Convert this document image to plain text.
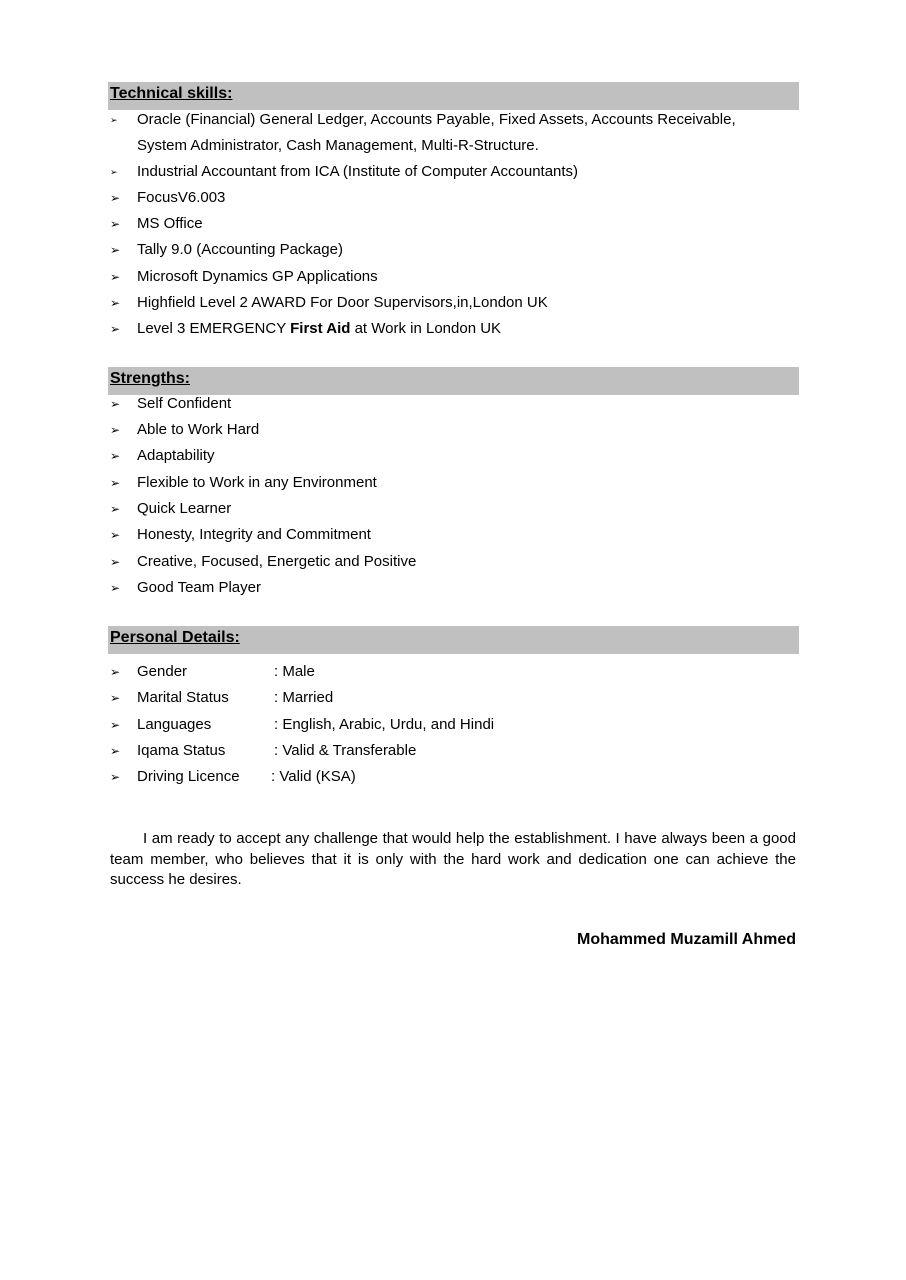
Technical skills:
➢	Oracle (Financial) General Ledger, Accounts Payable, Fixed Assets, Accounts Receivable,
System Administrator, Cash Management, Multi-R-Structure.
➢	Industrial Accountant from ICA (Institute of Computer Accountants)
➢	FocusV6.003
➢	MS Office
➢	Tally 9.0 (Accounting Package)
➢	Microsoft Dynamics GP Applications
➢	Highfield Level 2 AWARD For Door Supervisors,in,London UK
➢	Level 3 EMERGENCY First Aid at Work in London UK
Strengths:
➢	Self Confident
➢	Able to Work Hard
➢	Adaptability
➢	Flexible to Work in any Environment
➢	Quick Learner
➢	Honesty, Integrity and Commitment
➢	Creative, Focused, Energetic and Positive
➢	Good Team Player
Personal Details:
➢	Gender	: Male
➢	Marital Status	: Married
➢	Languages	: English, Arabic, Urdu, and Hindi
➢	Iqama Status	: Valid & Transferable
➢	Driving Licence : Valid (KSA)
I am ready to accept any challenge that would help the establishment. I have always been a good team member, who believes that it is only with the hard work and dedication one can achieve the success he desires.
Mohammed Muzamill Ahmed
